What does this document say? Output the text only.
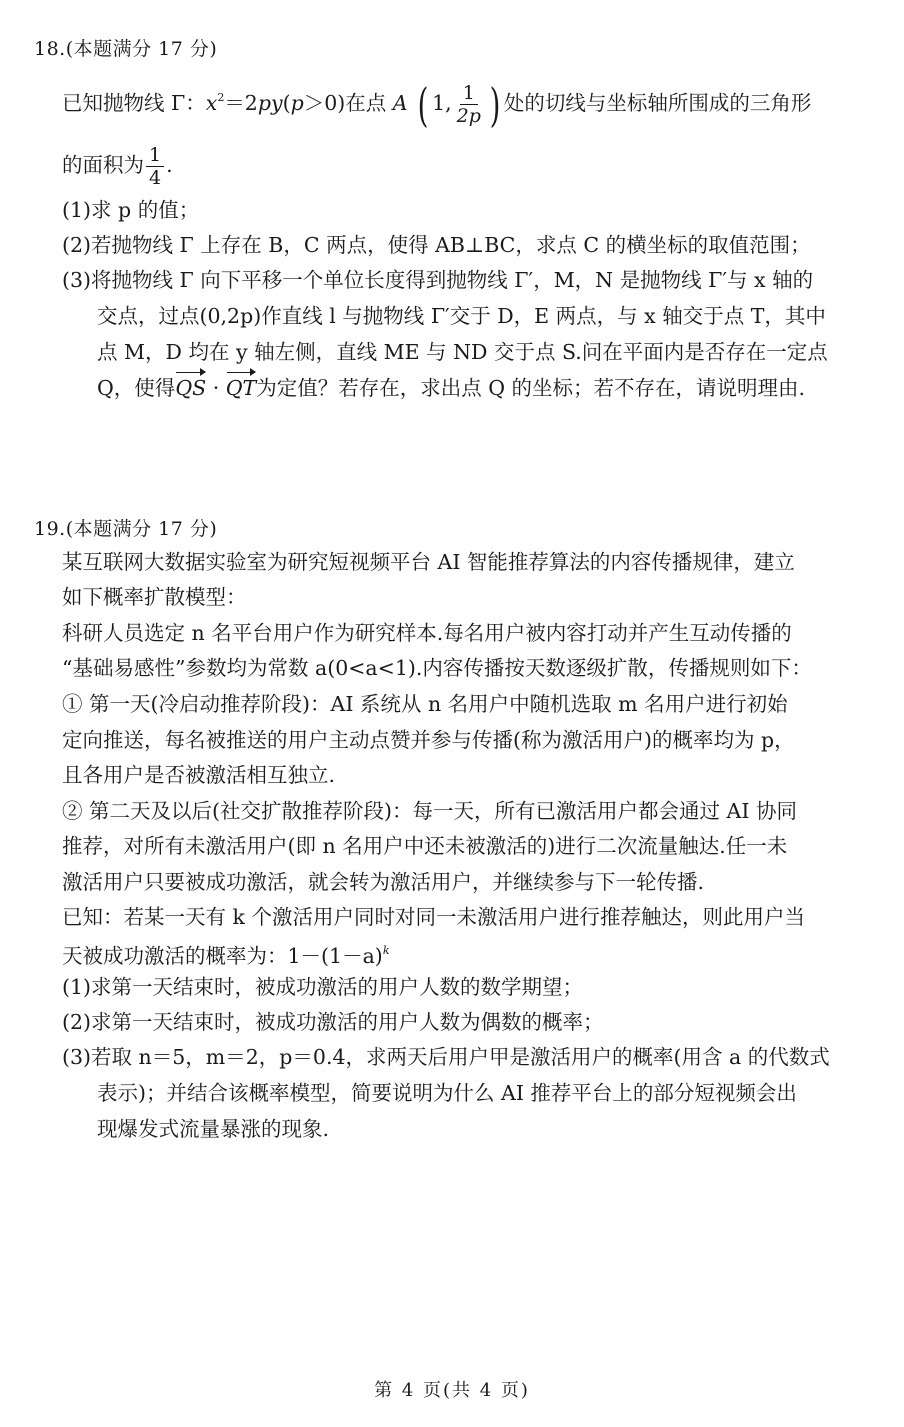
18.(本题满分 17 分)
已知抛物线 Γ：$x^2=2py(p>0)$在点 A ( 1, $\frac{1}{2p}$ ) 处的切线与坐标轴所围成的三角形
的面积为 $\frac{1}{4}$ .
(1)求 p 的值；
(2)若抛物线 Γ 上存在 B，C 两点，使得 AB⊥BC，求点 C 的横坐标的取值范围；
(3)将抛物线 Γ 向下平移一个单位长度得到抛物线 Γ′，M，N 是抛物线 Γ′与 x 轴的
交点，过点(0,2p)作直线 l 与抛物线 Γ′交于 D，E 两点，与 x 轴交于点 T，其中
点 M，D 均在 y 轴左侧，直线 ME 与 ND 交于点 S.问在平面内是否存在一定点
Q，使得QS · QT为定值？若存在，求出点 Q 的坐标；若不存在，请说明理由.
19.(本题满分 17 分)
某互联网大数据实验室为研究短视频平台 AI 智能推荐算法的内容传播规律，建立
如下概率扩散模型：
科研人员选定 n 名平台用户作为研究样本.每名用户被内容打动并产生互动传播的
“基础易感性”参数均为常数 a(0<a<1).内容传播按天数逐级扩散，传播规则如下：
① 第一天(冷启动推荐阶段)：AI 系统从 n 名用户中随机选取 m 名用户进行初始
定向推送，每名被推送的用户主动点赞并参与传播(称为激活用户)的概率均为 p，
且各用户是否被激活相互独立.
② 第二天及以后(社交扩散推荐阶段)：每一天，所有已激活用户都会通过 AI 协同
推荐，对所有未激活用户(即 n 名用户中还未被激活的)进行二次流量触达.任一未
激活用户只要被成功激活，就会转为激活用户，并继续参与下一轮传播.
已知：若某一天有 k 个激活用户同时对同一未激活用户进行推荐触达，则此用户当
天被成功激活的概率为：$1-(1-a)^k$
(1)求第一天结束时，被成功激活的用户人数的数学期望；
(2)求第一天结束时，被成功激活的用户人数为偶数的概率；
(3)若取 n＝5，m＝2，p＝0.4，求两天后用户甲是激活用户的概率(用含 a 的代数式
表示)；并结合该概率模型，简要说明为什么 AI 推荐平台上的部分短视频会出
现爆发式流量暴涨的现象.
第 4 页(共 4 页)
